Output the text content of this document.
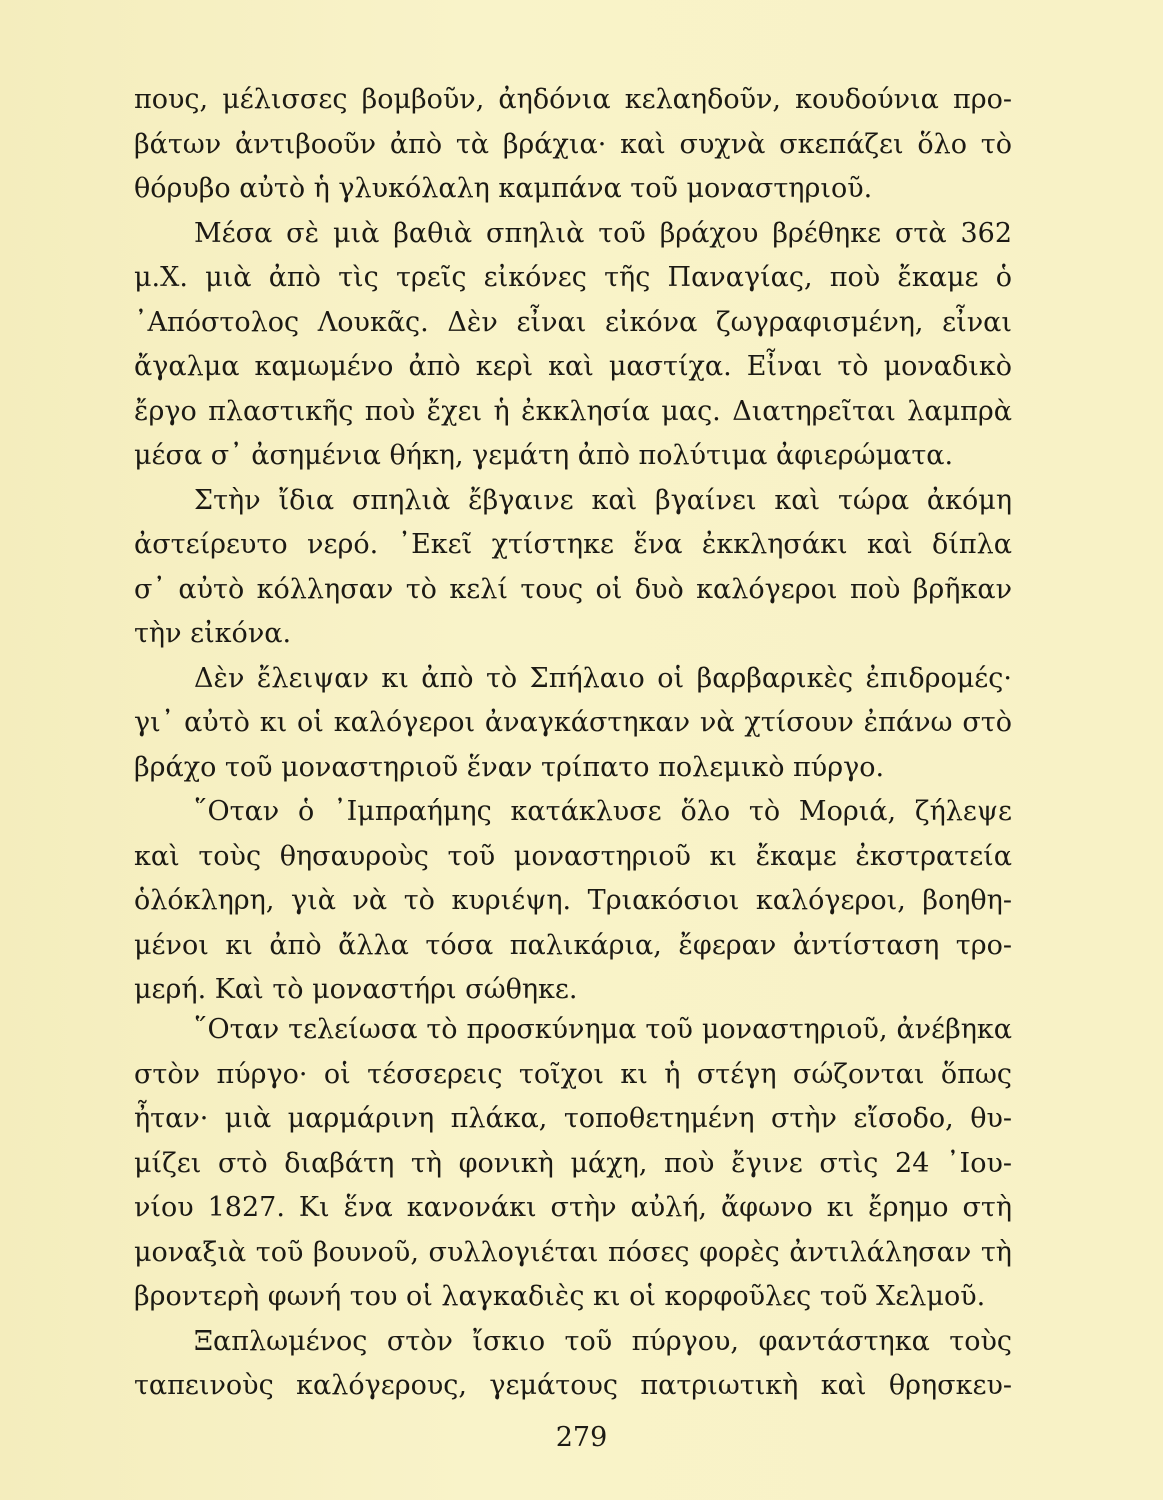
πους, μέλισσες βομβοῦν, ἀηδόνια κελαηδοῦν, κουδούνια προ-
βάτων ἀντιβοοῦν ἀπὸ τὰ βράχια· καὶ συχνὰ σκεπάζει ὅλο τὸ
θόρυβο αὐτὸ ἡ γλυκόλαλη καμπάνα τοῦ μοναστηριοῦ.
Μέσα σὲ μιὰ βαθιὰ σπηλιὰ τοῦ βράχου βρέθηκε στὰ 362
μ.Χ. μιὰ ἀπὸ τὶς τρεῖς εἰκόνες τῆς Παναγίας, ποὺ ἔκαμε ὁ
᾿Απόστολος Λουκᾶς. Δὲν εἶναι εἰκόνα ζωγραφισμένη, εἶναι
ἄγαλμα καμωμένο ἀπὸ κερὶ καὶ μαστίχα. Εἶναι τὸ μοναδικὸ
ἔργο πλαστικῆς ποὺ ἔχει ἡ ἐκκλησία μας. Διατηρεῖται λαμπρὰ
μέσα σ᾿ ἀσημένια θήκη, γεμάτη ἀπὸ πολύτιμα ἀφιερώματα.
Στὴν ἴδια σπηλιὰ ἔβγαινε καὶ βγαίνει καὶ τώρα ἀκόμη
ἀστείρευτο νερό. ᾿Εκεῖ χτίστηκε ἕνα ἐκκλησάκι καὶ δίπλα
σ᾿ αὐτὸ κόλλησαν τὸ κελί τους οἱ δυὸ καλόγεροι ποὺ βρῆκαν
τὴν εἰκόνα.
Δὲν ἔλειψαν κι ἀπὸ τὸ Σπήλαιο οἱ βαρβαρικὲς ἐπιδρομές·
γι᾿ αὐτὸ κι οἱ καλόγεροι ἀναγκάστηκαν νὰ χτίσουν ἐπάνω στὸ
βράχο τοῦ μοναστηριοῦ ἕναν τρίπατο πολεμικὸ πύργο.
῞Οταν ὁ ᾿Ιμπραήμης κατάκλυσε ὅλο τὸ Μοριά, ζήλεψε
καὶ τοὺς θησαυροὺς τοῦ μοναστηριοῦ κι ἔκαμε ἐκστρατεία
ὁλόκληρη, γιὰ νὰ τὸ κυριέψη. Τριακόσιοι καλόγεροι, βοηθη-
μένοι κι ἀπὸ ἄλλα τόσα παλικάρια, ἔφεραν ἀντίσταση τρο-
μερή. Καὶ τὸ μοναστήρι σώθηκε.
῞Οταν τελείωσα τὸ προσκύνημα τοῦ μοναστηριοῦ, ἀνέβηκα
στὸν πύργο· οἱ τέσσερεις τοῖχοι κι ἡ στέγη σώζονται ὅπως
ἦταν· μιὰ μαρμάρινη πλάκα, τοποθετημένη στὴν εἴσοδο, θυ-
μίζει στὸ διαβάτη τὴ φονικὴ μάχη, ποὺ ἔγινε στὶς 24 ᾿Ιου-
νίου 1827. Κι ἕνα κανονάκι στὴν αὐλή, ἄφωνο κι ἔρημο στὴ
μοναξιὰ τοῦ βουνοῦ, συλλογιέται πόσες φορὲς ἀντιλάλησαν τὴ
βροντερὴ φωνή του οἱ λαγκαδιὲς κι οἱ κορφοῦλες τοῦ Χελμοῦ.
Ξαπλωμένος στὸν ἴσκιο τοῦ πύργου, φαντάστηκα τοὺς
ταπεινοὺς καλόγερους, γεμάτους πατριωτικὴ καὶ θρησκευ-
279
